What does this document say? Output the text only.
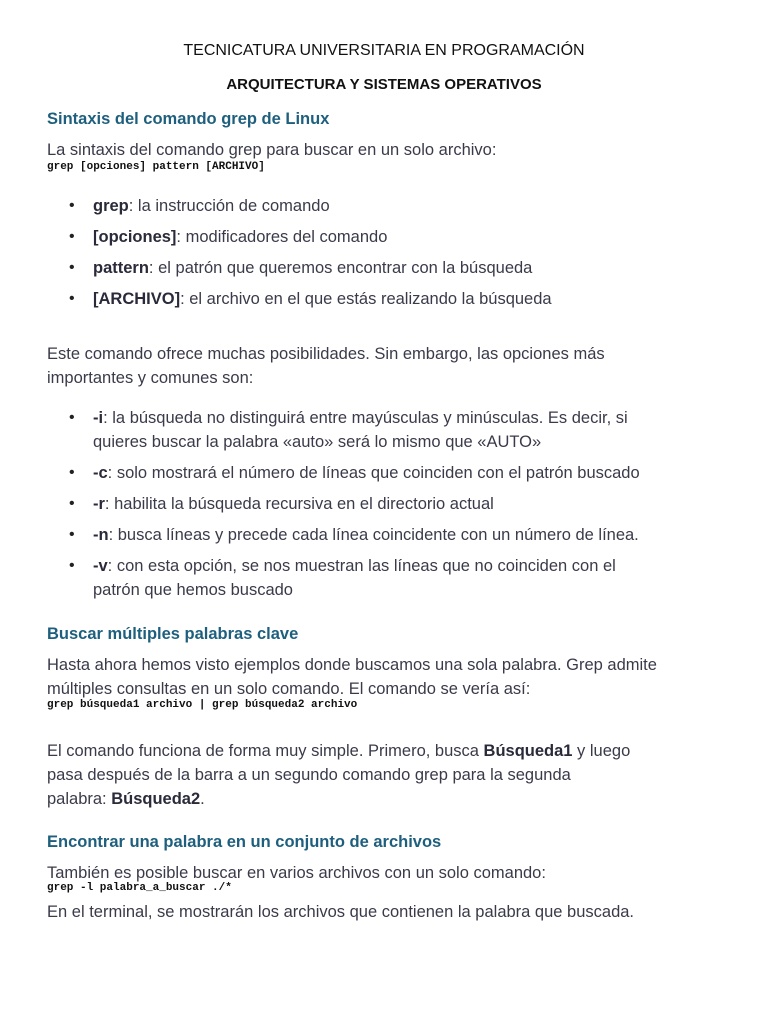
TECNICATURA UNIVERSITARIA EN PROGRAMACIÓN

ARQUITECTURA Y SISTEMAS OPERATIVOS

Sintaxis del comando grep de Linux

La sintaxis del comando grep para buscar en un solo archivo:

grep [opciones] pattern [ARCHIVO]

• grep: la instrucción de comando
• [opciones]: modificadores del comando
• pattern: el patrón que queremos encontrar con la búsqueda
• [ARCHIVO]: el archivo en el que estás realizando la búsqueda

Este comando ofrece muchas posibilidades. Sin embargo, las opciones más

importantes y comunes son:

• -i: la búsqueda no distinguirá entre mayúsculas y minúsculas. Es decir, si
quieres buscar la palabra «auto» será lo mismo que «AUTO»
• -c: solo mostrará el número de líneas que coinciden con el patrón buscado
• -r: habilita la búsqueda recursiva en el directorio actual
• -n: busca líneas y precede cada línea coincidente con un número de línea.
• -v: con esta opción, se nos muestran las líneas que no coinciden con el
patrón que hemos buscado

Buscar múltiples palabras clave

Hasta ahora hemos visto ejemplos donde buscamos una sola palabra. Grep admite

múltiples consultas en un solo comando. El comando se vería así:

grep búsqueda1 archivo | grep búsqueda2 archivo

El comando funciona de forma muy simple. Primero, busca Búsqueda1 y luego

pasa después de la barra a un segundo comando grep para la segunda

palabra: Búsqueda2.

Encontrar una palabra en un conjunto de archivos

También es posible buscar en varios archivos con un solo comando:

grep -l palabra_a_buscar ./*

En el terminal, se mostrarán los archivos que contienen la palabra que buscada.
